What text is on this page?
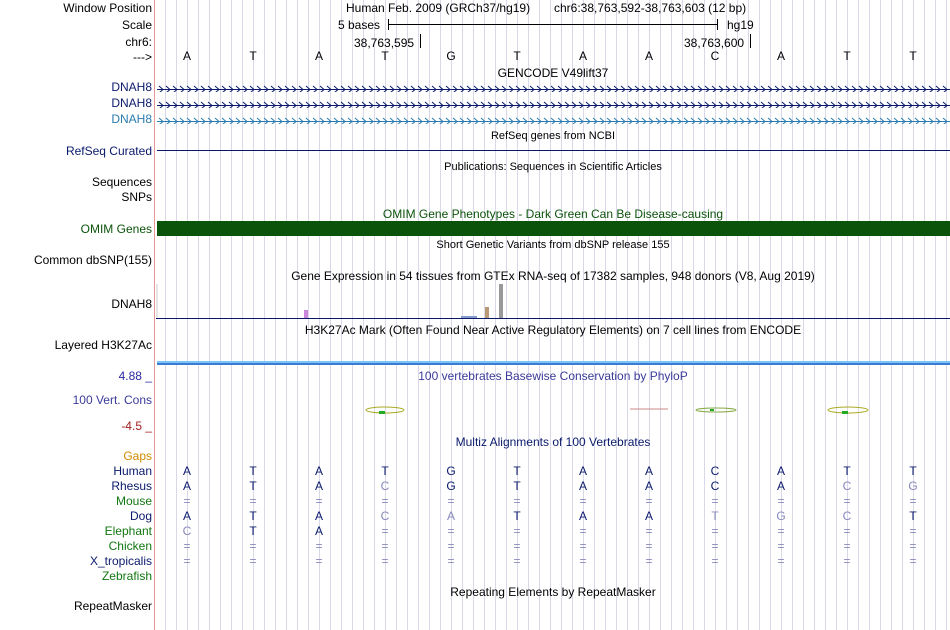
Window Position	Human Feb. 2009 (GRCh37/hg19) chr6:38,763,592-38,763,603 (12 bp)
Scale	5 bases	hg19
chr6:	38,763,595	38,763,600
--->	A	T	A	T	G	T	A	A	C	A	T	T
GENCODE V49lift37
DNAH8
DNAH8
DNAH8
RefSeq genes from NCBI
RefSeq Curated
Publications: Sequences in Scientific Articles
Sequences
SNPs
OMIM Gene Phenotypes - Dark Green Can Be Disease-causing
OMIM Genes
Short Genetic Variants from dbSNP release 155
Common dbSNP(155)
Gene Expression in 54 tissues from GTEx RNA-seq of 17382 samples, 948 donors (V8, Aug 2019)
DNAH8
H3K27Ac Mark (Often Found Near Active Regulatory Elements) on 7 cell lines from ENCODE
Layered H3K27Ac
4.88 _	100 vertebrates Basewise Conservation by PhyloP
100 Vert. Cons
-4.5 _
Multiz Alignments of 100 Vertebrates
Gaps
Human	A	T	A	T	G	T	A	A	C	A	T	T
Rhesus	A	T	A	C	G	T	A	A	C	A	C	G
Mouse	=	=	=	=	=	=	=	=	=	=	=	=
Dog	A	T	A	C	A	T	A	A	T	G	C	T
Elephant	C	T	A	=	=	=	=	=	=	=	=	=
Chicken	=	=	=	=	=	=	=	=	=	=	=	=
X_tropicalis	=	=	=	=	=	=	=	=	=	=	=	=
Zebrafish
Repeating Elements by RepeatMasker
RepeatMasker
